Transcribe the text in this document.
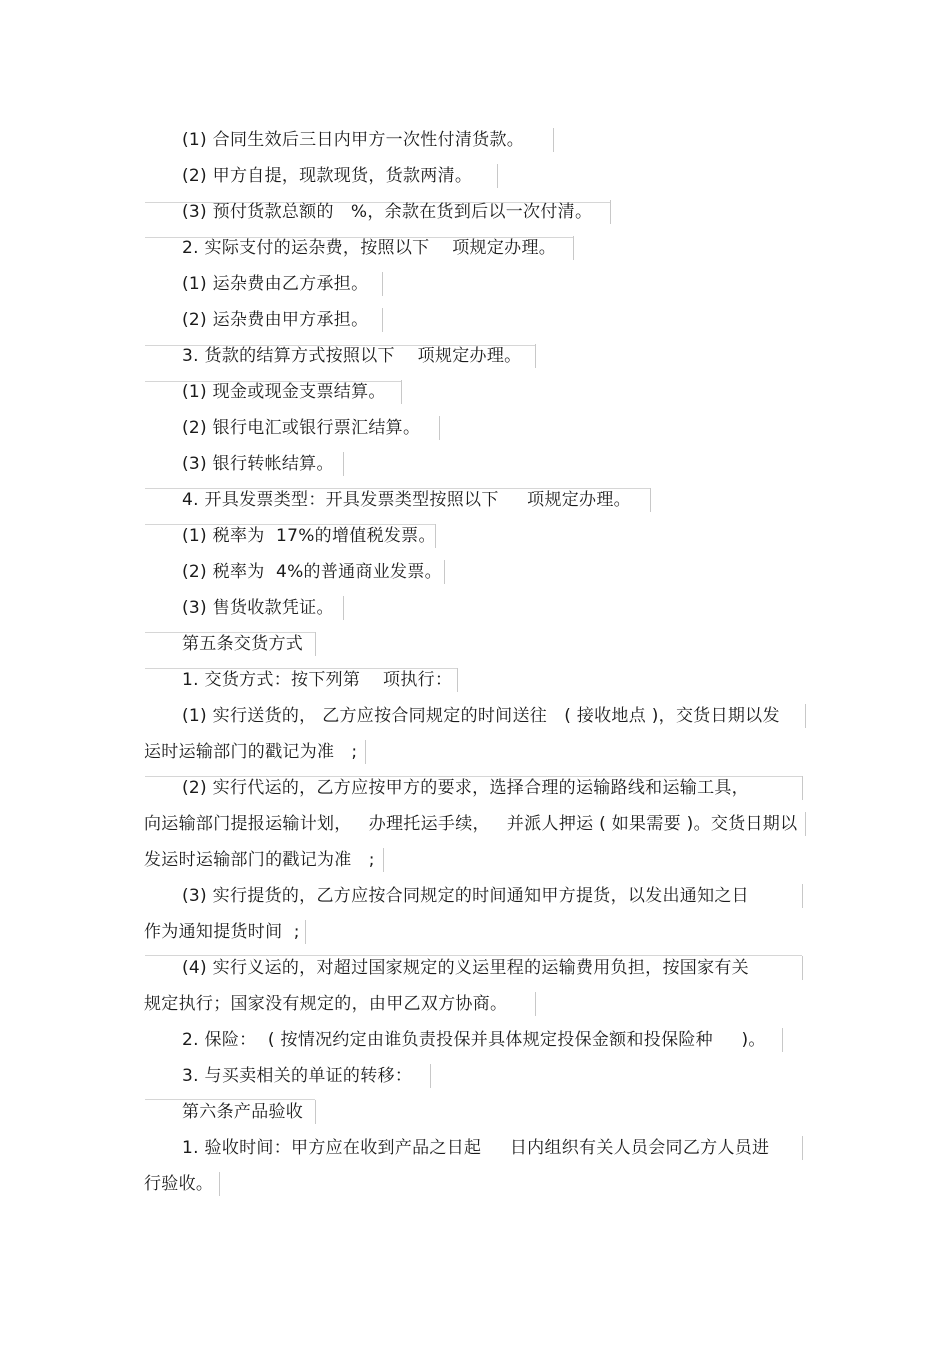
(1) 合同生效后三日内甲方一次性付清货款。
(2) 甲方自提，现款现货，货款两清。
(3) 预付货款总额的   %，余款在货到后以一次付清。
2. 实际支付的运杂费，按照以下    项规定办理。
(1) 运杂费由乙方承担。
(2) 运杂费由甲方承担。
3. 货款的结算方式按照以下    项规定办理。
(1) 现金或现金支票结算。
(2) 银行电汇或银行票汇结算。
(3) 银行转帐结算。
4. 开具发票类型：开具发票类型按照以下     项规定办理。
(1) 税率为  17%的增值税发票。
(2) 税率为  4%的普通商业发票。
(3) 售货收款凭证。
第五条交货方式
1. 交货方式：按下列第    项执行：
(1) 实行送货的， 乙方应按合同规定的时间送往   ( 接收地点 )，交货日期以发
运时运输部门的戳记为准   ;
(2) 实行代运的，乙方应按甲方的要求，选择合理的运输路线和运输工具，
向运输部门提报运输计划，   办理托运手续，   并派人押运 ( 如果需要 )。交货日期以
发运时运输部门的戳记为准   ;
(3) 实行提货的，乙方应按合同规定的时间通知甲方提货，以发出通知之日
作为通知提货时间  ;
(4) 实行义运的，对超过国家规定的义运里程的运输费用负担，按国家有关
规定执行；国家没有规定的，由甲乙双方协商。
2. 保险：  ( 按情况约定由谁负责投保并具体规定投保金额和投保险种     )。
3. 与买卖相关的单证的转移：
第六条产品验收
1. 验收时间：甲方应在收到产品之日起     日内组织有关人员会同乙方人员进
行验收。
